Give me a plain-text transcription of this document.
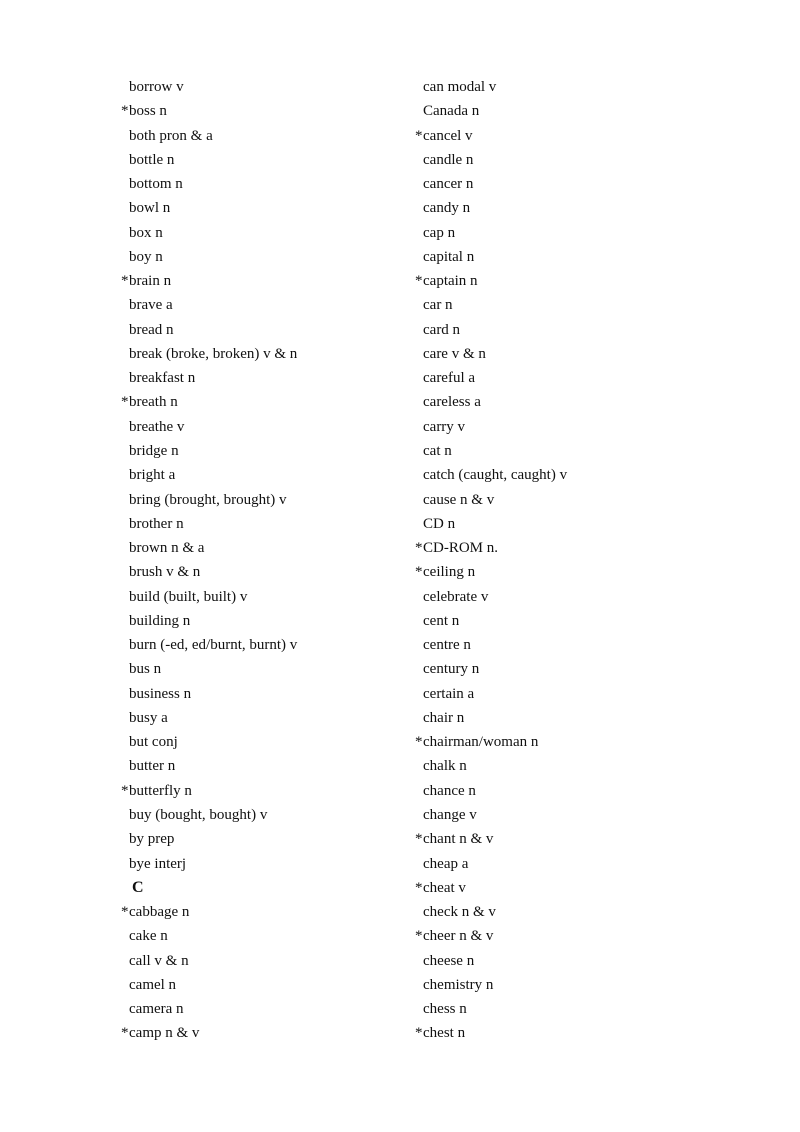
borrow v
*boss n
both pron & a
bottle n
bottom n
bowl n
box n
boy n
*brain n
brave a
bread n
break (broke, broken) v & n
breakfast n
*breath n
breathe v
bridge n
bright a
bring (brought, brought) v
brother n
brown n & a
brush v & n
build (built, built) v
building n
burn (-ed, ed/burnt, burnt) v
bus n
business n
busy a
but conj
butter n
*butterfly n
buy (bought, bought) v
by prep
bye interj
C
*cabbage n
cake n
call v & n
camel n
camera n
*camp n & v
can modal v
Canada n
*cancel v
candle n
cancer n
candy n
cap n
capital n
*captain n
car n
card n
care v & n
careful a
careless a
carry v
cat n
catch (caught, caught) v
cause n & v
CD n
*CD-ROM n.
*ceiling n
celebrate v
cent n
centre n
century n
certain a
chair n
*chairman/woman n
chalk n
chance n
change v
*chant n & v
cheap a
*cheat v
check n & v
*cheer n & v
cheese n
chemistry n
chess n
*chest n
